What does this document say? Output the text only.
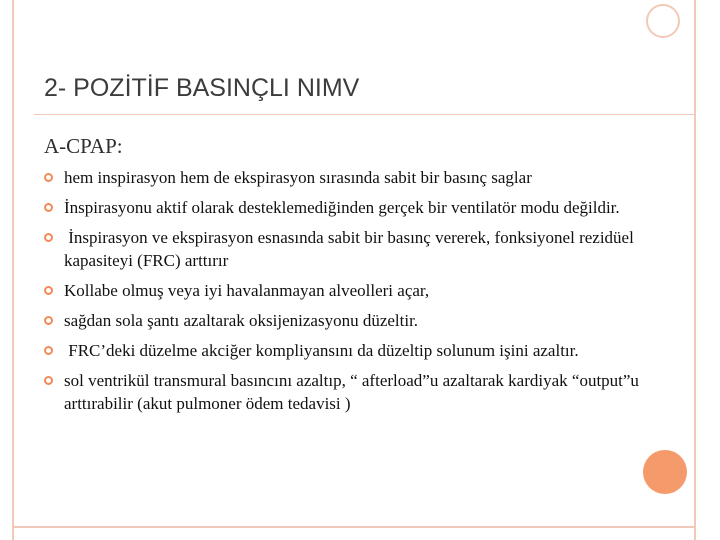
2- POZİTİF BASINÇLI NIMV
A-CPAP:
hem inspirasyon hem de ekspirasyon sırasında sabit bir basınç saglar
İnspirasyonu aktif olarak desteklemediğinden gerçek bir ventilatör modu değildir.
İnspirasyon ve ekspirasyon esnasında sabit bir basınç vererek, fonksiyonel rezidüel kapasiteyi (FRC) arttırır
Kollabe olmuş veya iyi havalanmayan alveolleri açar,
sağdan sola şantı azaltarak oksijenizasyonu düzeltir.
FRC’deki düzelme akciğer kompliyansını da düzeltip solunum işini azaltır.
sol ventrikül transmural basıncını azaltıp, “ afterload”u azaltarak kardiyak “output”u arttırabilir (akut pulmoner ödem tedavisi )
